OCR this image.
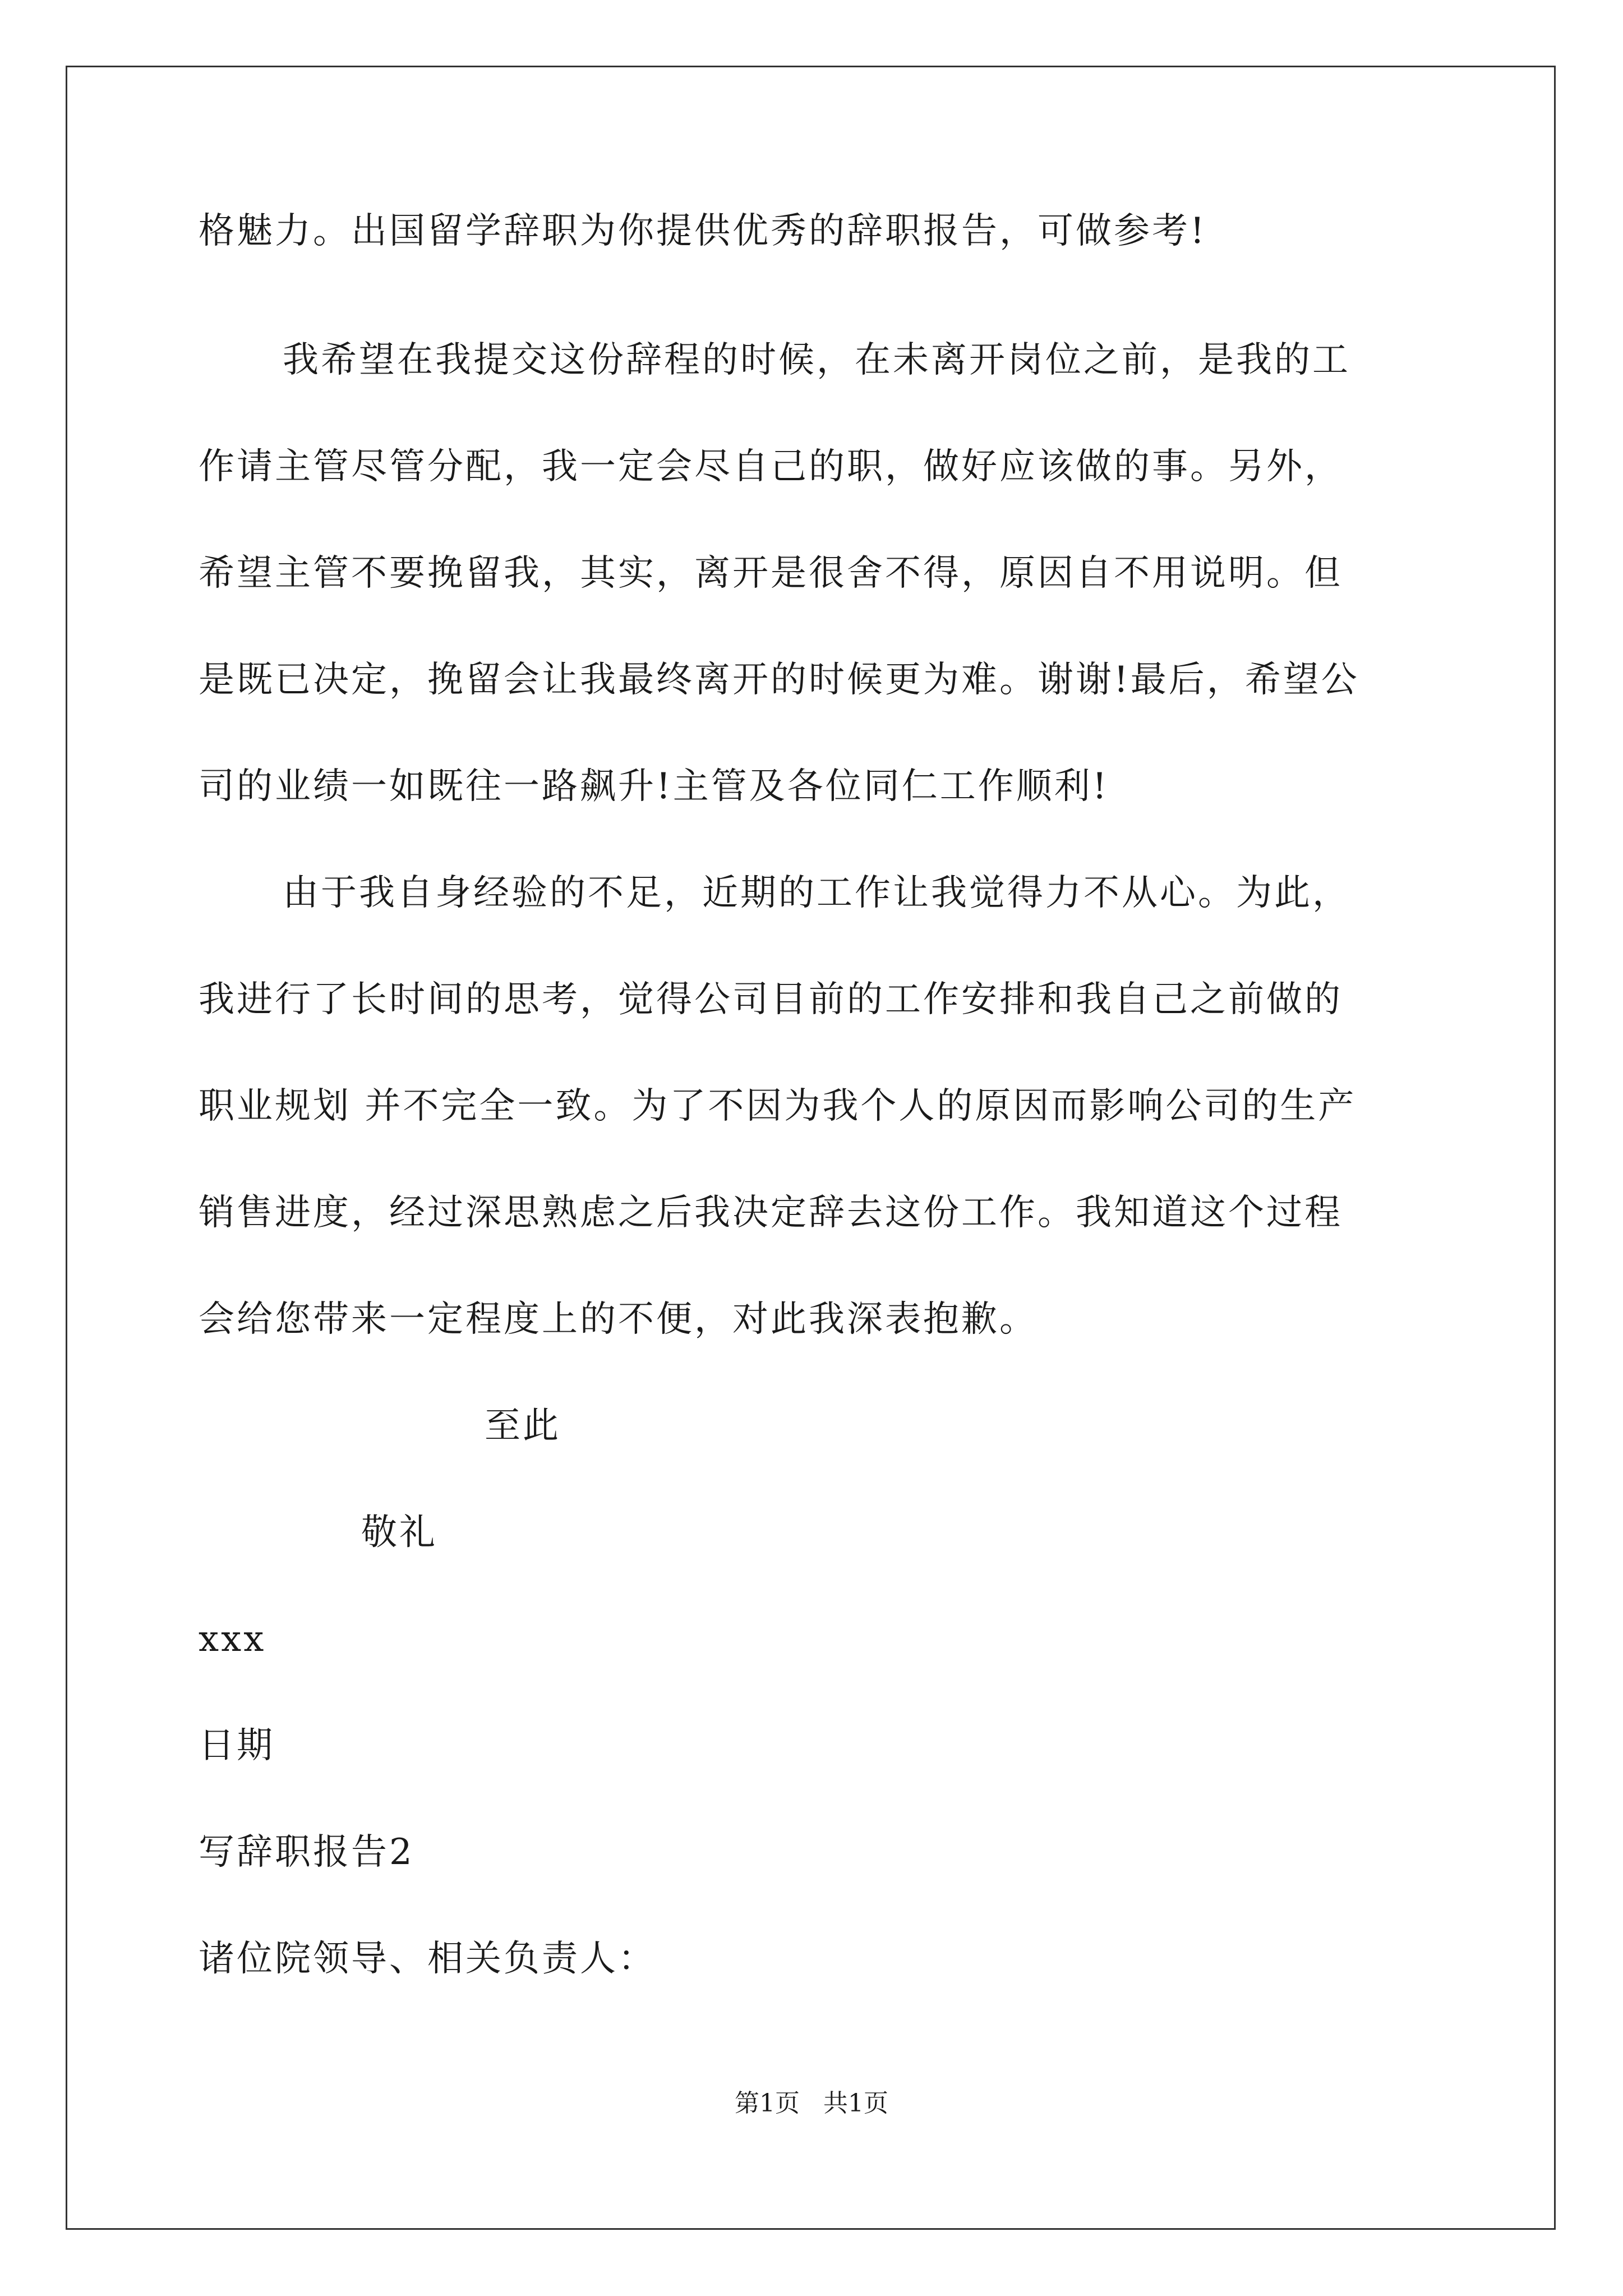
格魅力。出国留学辞职为你提供优秀的辞职报告，可做参考!
我希望在我提交这份辞程的时候，在未离开岗位之前，是我的工
作请主管尽管分配，我一定会尽自己的职，做好应该做的事。另外，
希望主管不要挽留我，其实，离开是很舍不得，原因自不用说明。但
是既已决定，挽留会让我最终离开的时候更为难。谢谢!最后，希望公
司的业绩一如既往一路飙升!主管及各位同仁工作顺利!
由于我自身经验的不足，近期的工作让我觉得力不从心。为此，
我进行了长时间的思考，觉得公司目前的工作安排和我自己之前做的
职业规划 并不完全一致。为了不因为我个人的原因而影响公司的生产
销售进度，经过深思熟虑之后我决定辞去这份工作。我知道这个过程
会给您带来一定程度上的不便，对此我深表抱歉。
至此
敬礼
xxx
日期
写辞职报告2
诸位院领导、相关负责人：
第1页   共1页
